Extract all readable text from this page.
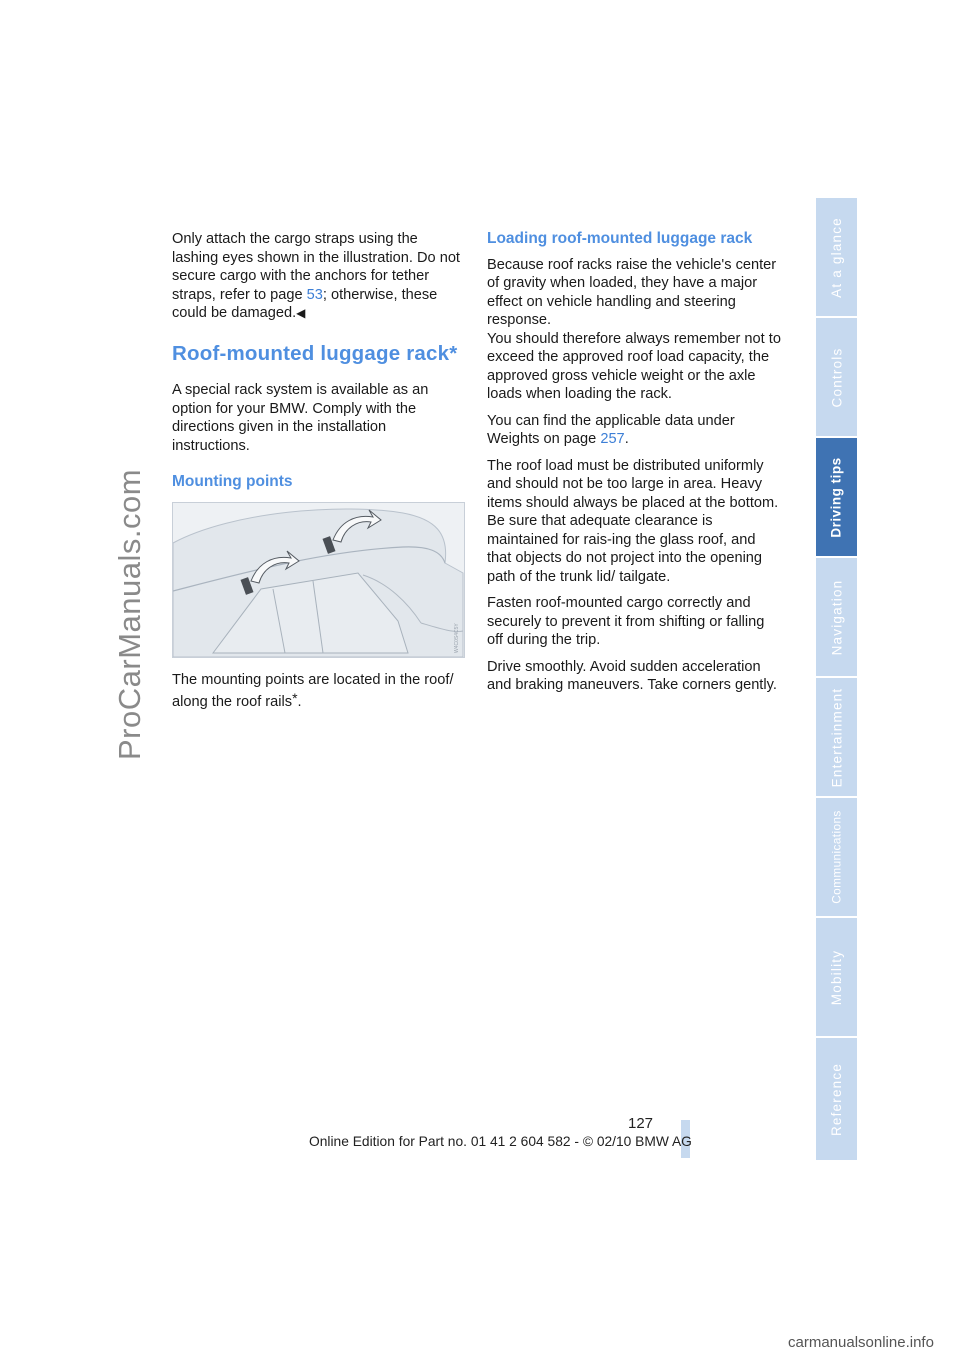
ProCarManuals.com

Only attach the cargo straps using the lashing eyes shown in the illustration. Do not secure cargo with the anchors for tether straps, refer to page 53; otherwise, these could be damaged.◀

Roof-mounted luggage rack*

A special rack system is available as an option for your BMW. Comply with the directions given in the installation instructions.

Mounting points
W4C0S4C5Y

The mounting points are located in the roof/ along the roof rails*.

Loading roof-mounted luggage rack

Because roof racks raise the vehicle's center of gravity when loaded, they have a major effect on vehicle handling and steering response.

You should therefore always remember not to exceed the approved roof load capacity, the approved gross vehicle weight or the axle loads when loading the rack.

You can find the applicable data under Weights on page 257.

The roof load must be distributed uniformly and should not be too large in area. Heavy items should always be placed at the bottom. Be sure that adequate clearance is maintained for rais-ing the glass roof, and that objects do not project into the opening path of the trunk lid/ tailgate.

Fasten roof-mounted cargo correctly and securely to prevent it from shifting or falling off during the trip.

Drive smoothly. Avoid sudden acceleration and braking maneuvers. Take corners gently.

At a glance
Controls
Driving tips
Navigation
Entertainment
Communications
Mobility
Reference
127
Online Edition for Part no. 01 41 2 604 582 - © 02/10 BMW AG
carmanualsonline.info
